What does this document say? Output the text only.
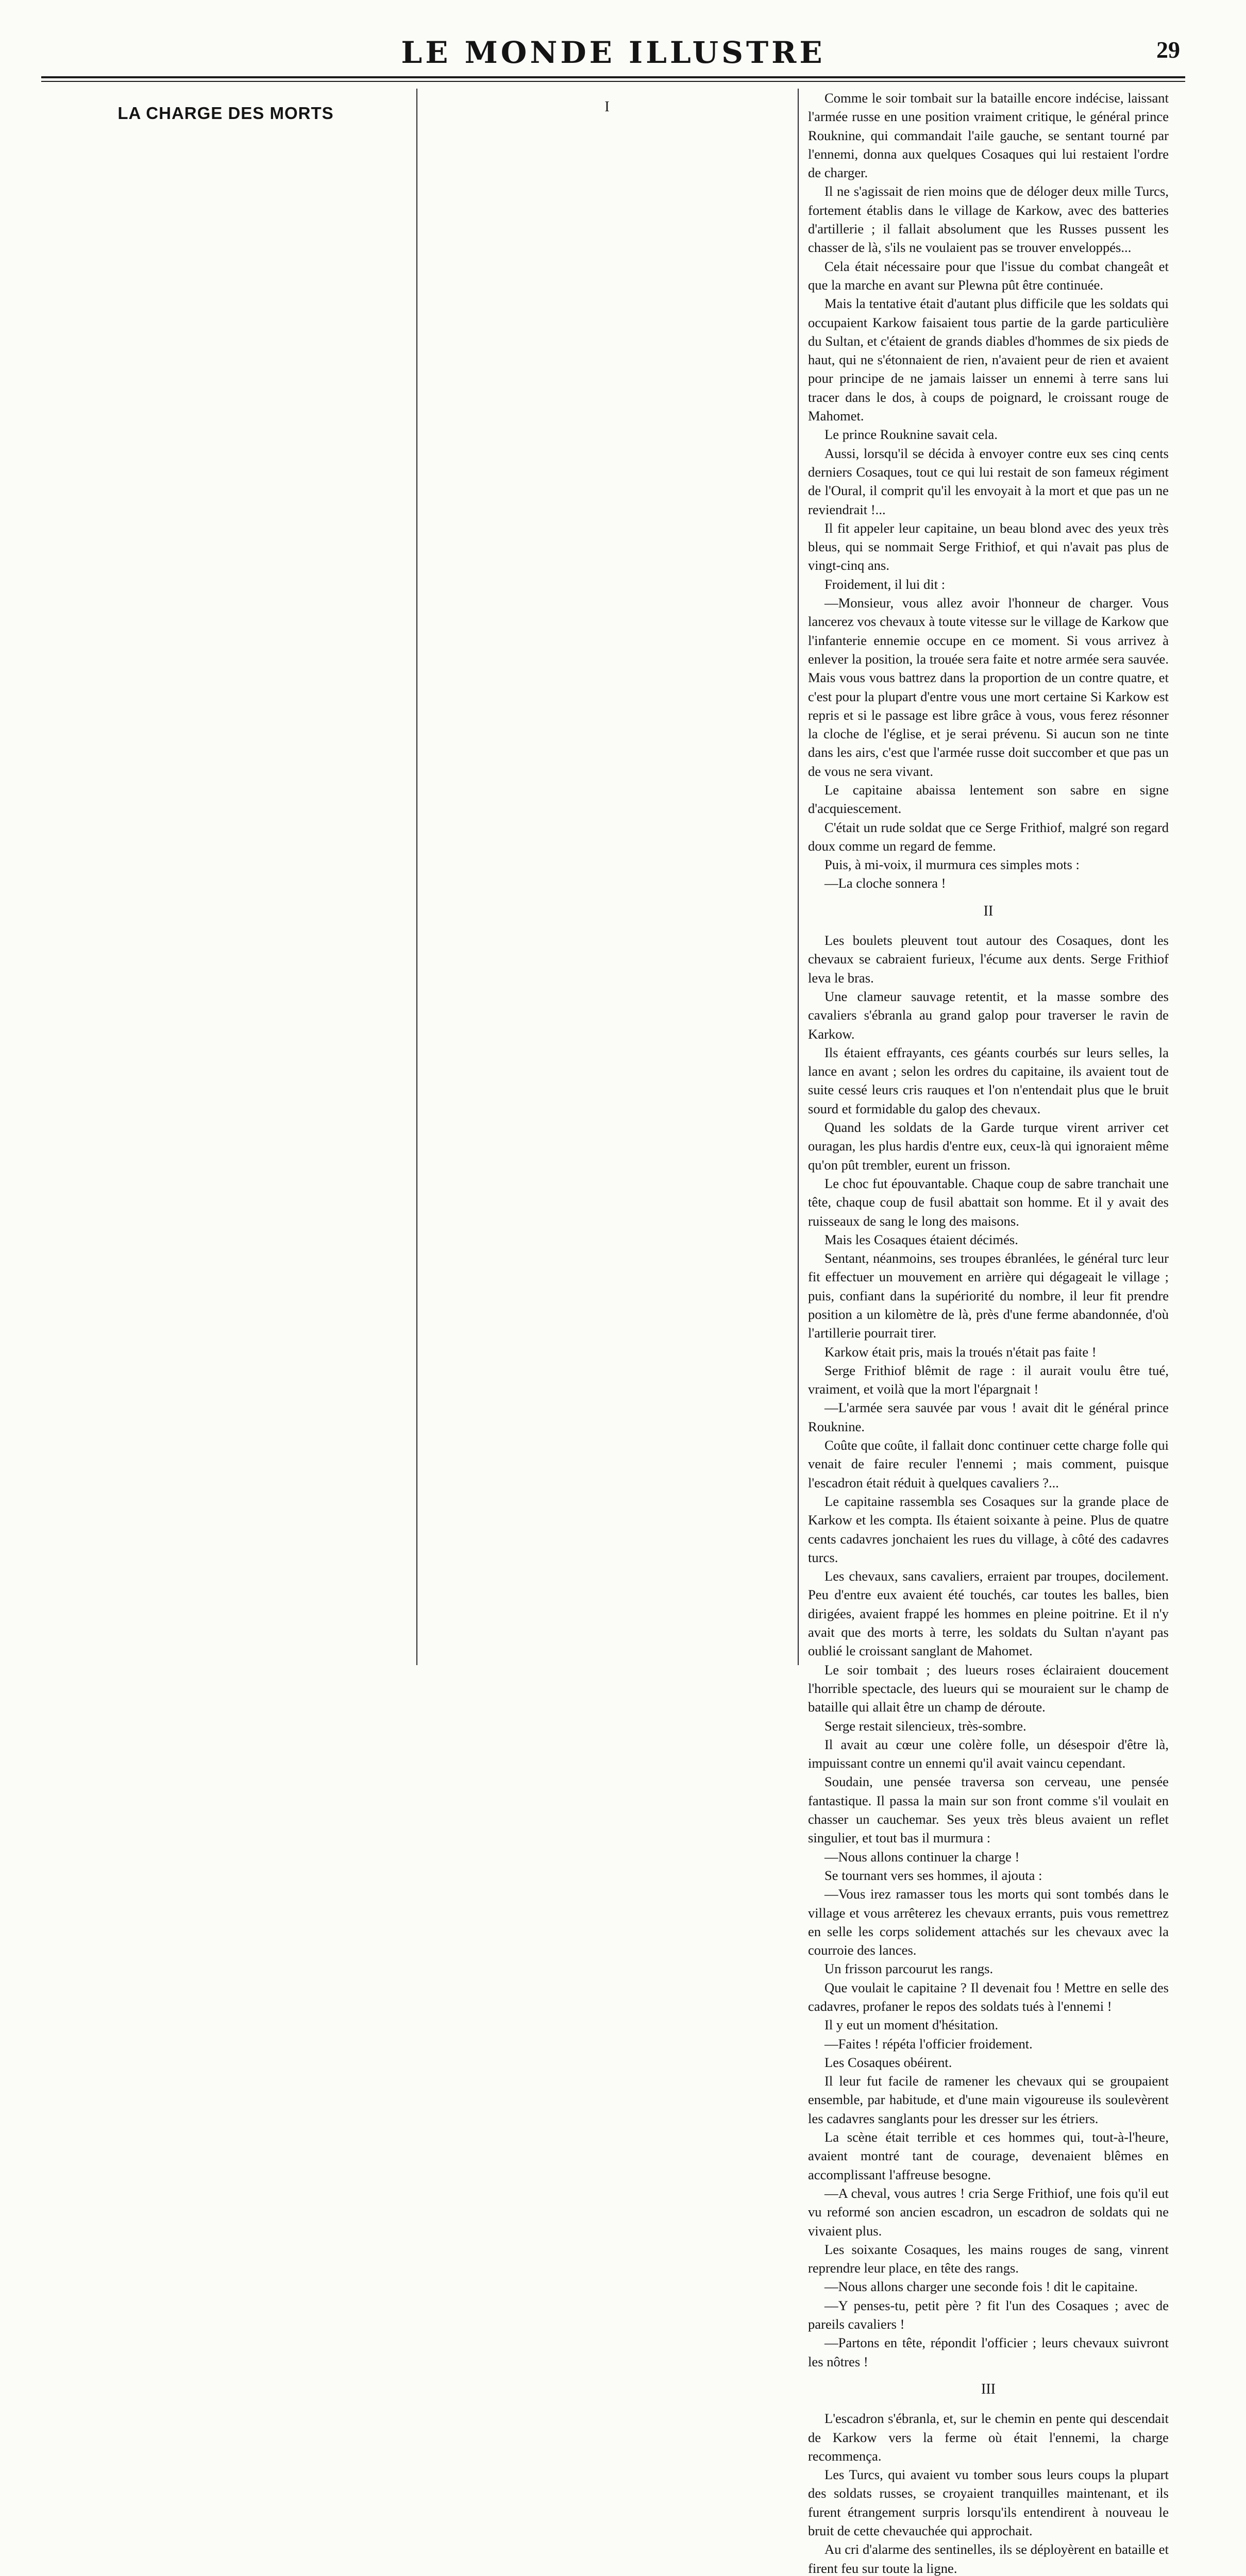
LE MONDE ILLUSTRE	29
LA CHARGE DES MORTS	I

Comme le soir tombait sur la bataille encore indécise, laissant l'armée russe en une position vraiment critique, le général prince Rouknine, qui commandait l'aile gauche, se sentant tourné par l'ennemi, donna aux quelques Cosaques qui lui restaient l'ordre de charger.

Il ne s'agissait de rien moins que de déloger deux mille Turcs, fortement établis dans le village de Karkow, avec des batteries d'artillerie ; il fallait absolument que les Russes pussent les chasser de là, s'ils ne voulaient pas se trouver enveloppés...

Cela était nécessaire pour que l'issue du combat changeât et que la marche en avant sur Plewna pût être continuée.

Mais la tentative était d'autant plus difficile que les soldats qui occupaient Karkow faisaient tous partie de la garde particulière du Sultan, et c'étaient de grands diables d'hommes de six pieds de haut, qui ne s'étonnaient de rien, n'avaient peur de rien et avaient pour principe de ne jamais laisser un ennemi à terre sans lui tracer dans le dos, à coups de poignard, le croissant rouge de Mahomet.

Le prince Rouknine savait cela.

Aussi, lorsqu'il se décida à envoyer contre eux ses cinq cents derniers Cosaques, tout ce qui lui restait de son fameux régiment de l'Oural, il comprit qu'il les envoyait à la mort et que pas un ne reviendrait !...

Il fit appeler leur capitaine, un beau blond avec des yeux très bleus, qui se nommait Serge Frithiof, et qui n'avait pas plus de vingt-cinq ans.

Froidement, il lui dit :

—Monsieur, vous allez avoir l'honneur de charger. Vous lancerez vos chevaux à toute vitesse sur le village de Karkow que l'infanterie ennemie occupe en ce moment. Si vous arrivez à enlever la position, la trouée sera faite et notre armée sera sauvée. Mais vous vous battrez dans la proportion de un contre quatre, et c'est pour la plupart d'entre vous une mort certaine Si Karkow est repris et si le passage est libre grâce à vous, vous ferez résonner la cloche de l'église, et je serai prévenu. Si aucun son ne tinte dans les airs, c'est que l'armée russe doit succomber et que pas un de vous ne sera vivant.

Le capitaine abaissa lentement son sabre en signe d'acquiescement.

C'était un rude soldat que ce Serge Frithiof, malgré son regard doux comme un regard de femme.

Puis, à mi-voix, il murmura ces simples mots :

—La cloche sonnera !

II

Les boulets pleuvent tout autour des Cosaques, dont les chevaux se cabraient furieux, l'écume aux dents. Serge Frithiof leva le bras.

Une clameur sauvage retentit, et la masse sombre des cavaliers s'ébranla au grand galop pour traverser le ravin de Karkow.

Ils étaient effrayants, ces géants courbés sur leurs selles, la lance en avant ; selon les ordres du capitaine, ils avaient tout de suite cessé leurs cris rauques et l'on n'entendait plus que le bruit sourd et formidable du galop des chevaux.

Quand les soldats de la Garde turque virent arriver cet ouragan, les plus hardis d'entre eux, ceux-là qui ignoraient même qu'on pût trembler, eurent un frisson.

Le choc fut épouvantable. Chaque coup de sabre tranchait une tête, chaque coup de fusil abattait son homme. Et il y avait des ruisseaux de sang le long des maisons.

Mais les Cosaques étaient décimés.

Sentant, néanmoins, ses troupes ébranlées, le général turc leur fit effectuer un mouvement en arrière qui dégageait le village ; puis, confiant dans la supériorité du nombre, il leur fit prendre position a un kilomètre de là, près d'une ferme abandonnée, d'où l'artillerie pourrait tirer.

Karkow était pris, mais la troués n'était pas faite !

Serge Frithiof blêmit de rage : il aurait voulu être tué, vraiment, et voilà que la mort l'épargnait !

—L'armée sera sauvée par vous ! avait dit le général prince Rouknine.

Coûte que coûte, il fallait donc continuer cette charge folle qui venait de faire reculer l'ennemi ; mais comment, puisque l'escadron était réduit à quelques cavaliers ?...

Le capitaine rassembla ses Cosaques sur la grande place de Karkow et les compta. Ils étaient soixante à peine. Plus de quatre cents cadavres jonchaient les rues du village, à côté des cadavres turcs.

Les chevaux, sans cavaliers, erraient par troupes, docilement. Peu d'entre eux avaient été touchés, car toutes les balles, bien dirigées, avaient frappé les hommes en pleine poitrine. Et il n'y avait que des morts à terre, les soldats du Sultan n'ayant pas oublié le croissant sanglant de Mahomet.

Le soir tombait ; des lueurs roses éclairaient doucement l'horrible spectacle, des lueurs qui se mouraient sur le champ de bataille qui allait être un champ de déroute.

Serge restait silencieux, très-sombre.

Il avait au cœur une colère folle, un désespoir d'être là, impuissant contre un ennemi qu'il avait vaincu cependant.

Soudain, une pensée traversa son cerveau, une pensée fantastique. Il passa la main sur son front comme s'il voulait en chasser un cauchemar. Ses yeux très bleus avaient un reflet singulier, et tout bas il murmura :

—Nous allons continuer la charge !

Se tournant vers ses hommes, il ajouta :

—Vous irez ramasser tous les morts qui sont tombés dans le village et vous arrêterez les chevaux errants, puis vous remettrez en selle les corps solidement attachés sur les chevaux avec la courroie des lances.

Un frisson parcourut les rangs.

Que voulait le capitaine ? Il devenait fou ! Mettre en selle des cadavres, profaner le repos des soldats tués à l'ennemi !

Il y eut un moment d'hésitation.

—Faites ! répéta l'officier froidement.

Les Cosaques obéirent.

Il leur fut facile de ramener les chevaux qui se groupaient ensemble, par habitude, et d'une main vigoureuse ils soulevèrent les cadavres sanglants pour les dresser sur les étriers.

La scène était terrible et ces hommes qui, tout-à-l'heure, avaient montré tant de courage, devenaient blêmes en accomplissant l'affreuse besogne.

—A cheval, vous autres ! cria Serge Frithiof, une fois qu'il eut vu reformé son ancien escadron, un escadron de soldats qui ne vivaient plus.

Les soixante Cosaques, les mains rouges de sang, vinrent reprendre leur place, en tête des rangs.

—Nous allons charger une seconde fois ! dit le capitaine.

—Y penses-tu, petit père ? fit l'un des Cosaques ; avec de pareils cavaliers !

—Partons en tête, répondit l'officier ; leurs chevaux suivront les nôtres !

III

L'escadron s'ébranla, et, sur le chemin en pente qui descendait de Karkow vers la ferme où était l'ennemi, la charge recommença.

Les Turcs, qui avaient vu tomber sous leurs coups la plupart des soldats russes, se croyaient tranquilles maintenant, et ils furent étrangement surpris lorsqu'ils entendirent à nouveau le bruit de cette chevauchée qui approchait.

Au cri d'alarme des sentinelles, ils se déployèrent en bataille et firent feu sur toute la ligne.
